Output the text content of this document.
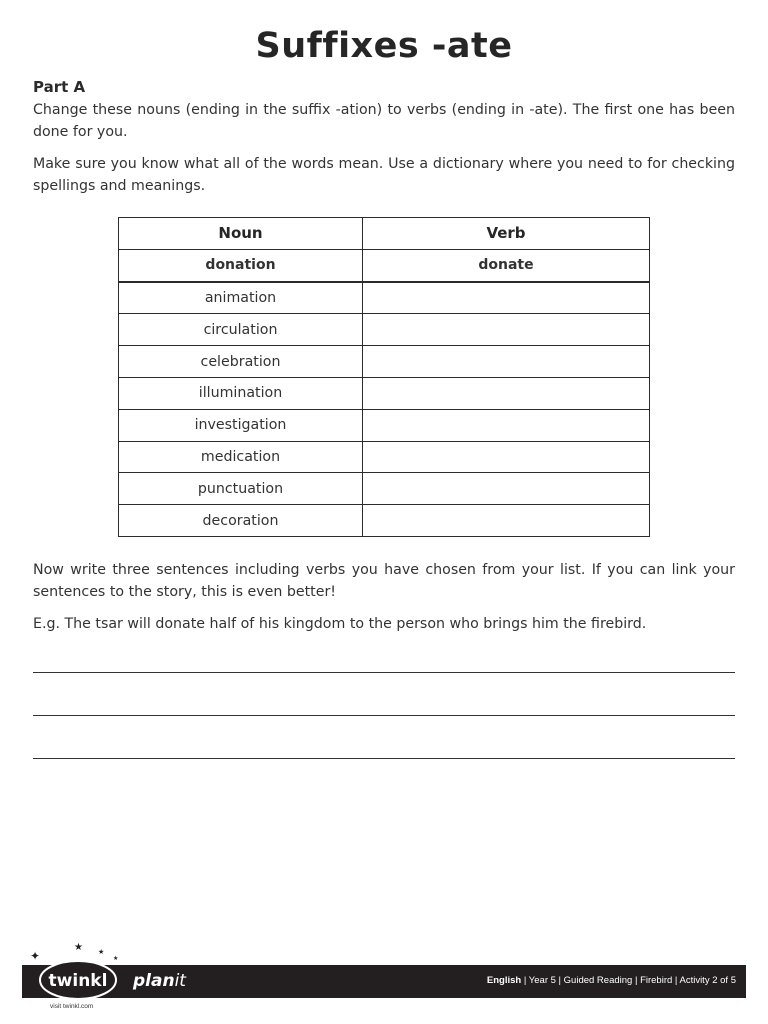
Suffixes -ate
Part A
Change these nouns (ending in the suffix -ation) to verbs (ending in -ate). The first one has been done for you.
Make sure you know what all of the words mean. Use a dictionary where you need to for checking spellings and meanings.
Noun	Verb
donation	donate
animation	
circulation	
celebration	
illumination	
investigation	
medication	
punctuation	
decoration	
Now write three sentences including verbs you have chosen from your list. If you can link your sentences to the story, this is even better!
E.g. The tsar will donate half of his kingdom to the person who brings him the firebird.
English | Year 5 | Guided Reading | Firebird | Activity 2 of 5
✦
★ ★
★
twinkl planit
visit twinkl.com
